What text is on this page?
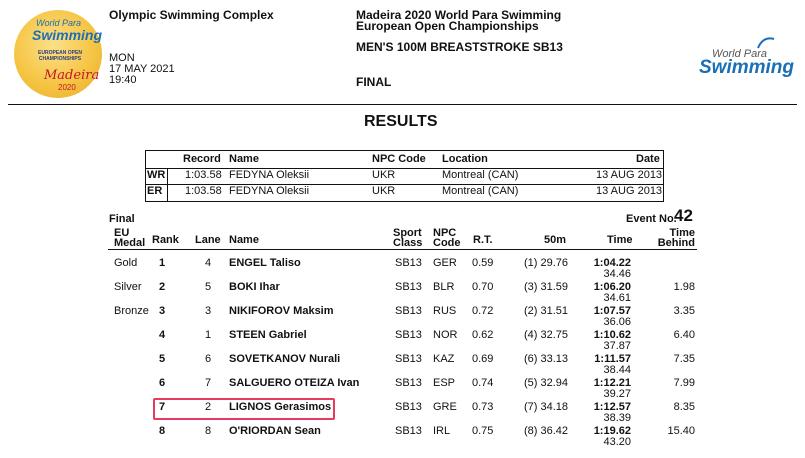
World Para
Swimming
EUROPEAN OPEN CHAMPIONSHIPS
Madeira
2020
Olympic Swimming Complex
MON
17 MAY 2021
19:40
Madeira 2020 World Para Swimming
European Open Championships
MEN'S 100M BREASTSTROKE SB13
FINAL
World Para
Swimming
RESULTS
Record Name	NPC Code Location	Date
WR 1:03.58 FEDYNA Oleksii	UKR	Montreal (CAN)	13 AUG 2013
ER 1:03.58 FEDYNA Oleksii	UKR	Montreal (CAN)	13 AUG 2013
Final	Event No.
42
EU
Medal Rank Lane Name
Sport
Class
NPC
Code R.T.	50m	Time
Time
Behind
Gold 1	4 ENGEL Taliso	SB13 GER 0.59	(1) 29.76 1:04.22
34.46
Silver 2	5 BOKI Ihar	SB13 BLR 0.70	(3) 31.59 1:06.20	1.98
34.61
Bronze 3	3 NIKIFOROV Maksim	SB13 RUS 0.72	(2) 31.51 1:07.57	3.35
36.06
4	1 STEEN Gabriel	SB13 NOR 0.62	(4) 32.75 1:10.62	6.40
37.87
5	6 SOVETKANOV Nurali	SB13 KAZ 0.69	(6) 33.13 1:11.57	7.35
38.44
6	7 SALGUERO OTEIZA Ivan	SB13 ESP 0.74	(5) 32.94 1:12.21	7.99
39.27
7	2 LIGNOS Gerasimos	SB13 GRE 0.73	(7) 34.18 1:12.57	8.35
38.39
8	8 O'RIORDAN Sean	SB13 IRL 0.75	(8) 36.42 1:19.62	15.40
43.20
